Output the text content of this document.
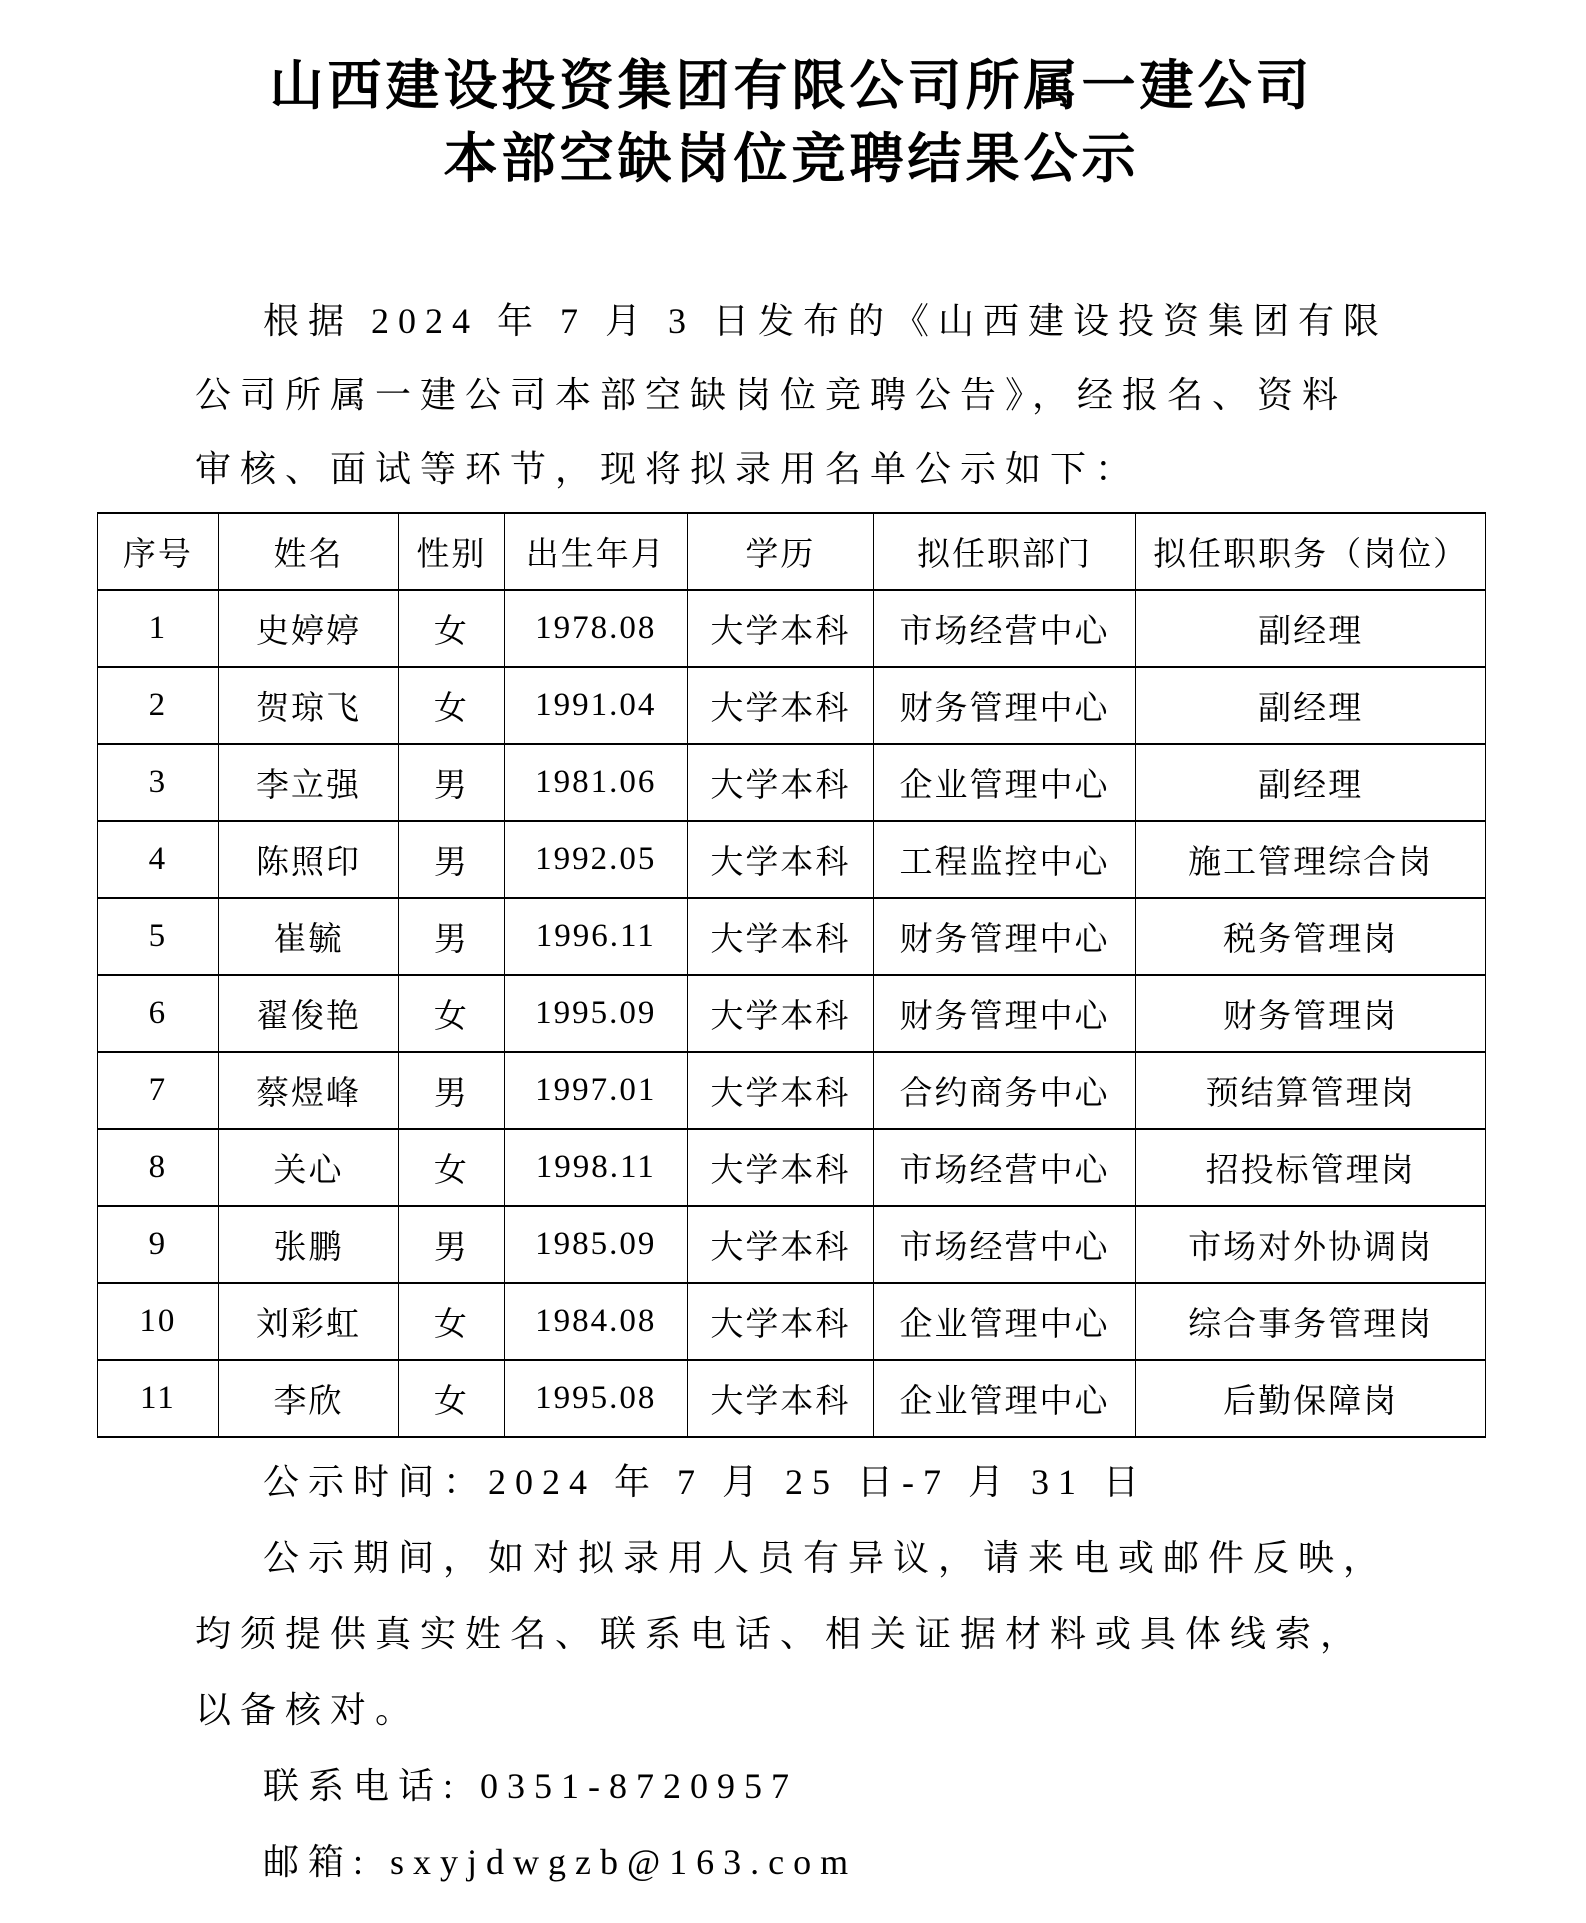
山西建设投资集团有限公司所属一建公司
本部空缺岗位竞聘结果公示
根据 2024 年 7 月 3 日发布的《山西建设投资集团有限
公司所属一建公司本部空缺岗位竞聘公告》，经报名、资料
审核、面试等环节，现将拟录用名单公示如下：
序号	姓名	性别	出生年月	学历	拟任职部门	拟任职职务（岗位）
1	史婷婷	女	1978.08	大学本科	市场经营中心	副经理
2	贺琼飞	女	1991.04	大学本科	财务管理中心	副经理
3	李立强	男	1981.06	大学本科	企业管理中心	副经理
4	陈照印	男	1992.05	大学本科	工程监控中心	施工管理综合岗
5	崔毓	男	1996.11	大学本科	财务管理中心	税务管理岗
6	翟俊艳	女	1995.09	大学本科	财务管理中心	财务管理岗
7	蔡煜峰	男	1997.01	大学本科	合约商务中心	预结算管理岗
8	关心	女	1998.11	大学本科	市场经营中心	招投标管理岗
9	张鹏	男	1985.09	大学本科	市场经营中心	市场对外协调岗
10	刘彩虹	女	1984.08	大学本科	企业管理中心	综合事务管理岗
11	李欣	女	1995.08	大学本科	企业管理中心	后勤保障岗
公示时间：2024 年 7 月 25 日-7 月 31 日
公示期间，如对拟录用人员有异议，请来电或邮件反映，
均须提供真实姓名、联系电话、相关证据材料或具体线索，
以备核对。
联系电话: 0351-8720957
邮箱: sxyjdwgzb@163.com
